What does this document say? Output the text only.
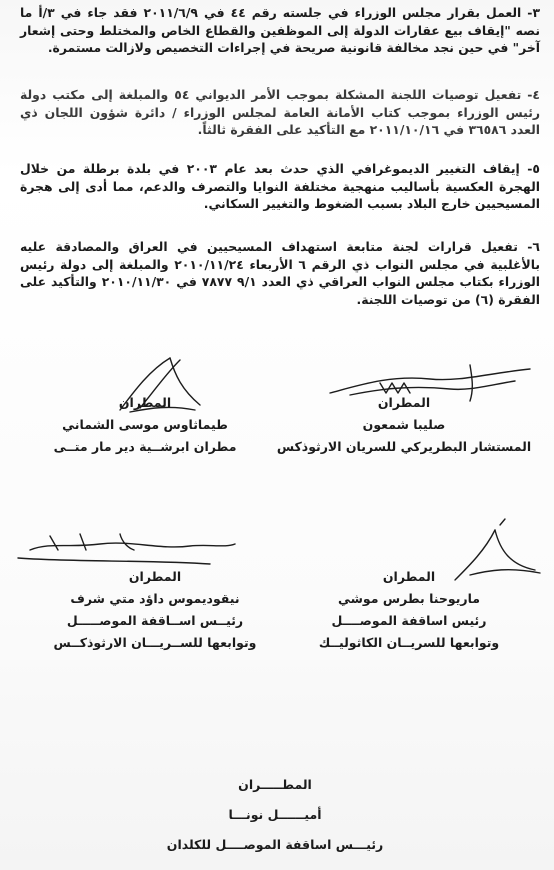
٣- العمل بقرار مجلس الوزراء في جلسته رقم ٤٤ في ٢٠١١/٦/٩ فقد جاء في ٣/أ ما نصه "إيقاف بيع عقارات الدولة إلى الموظفين والقطاع الخاص والمختلط وحتى إشعار آخر" في حين نجد مخالفة قانونية صريحة في إجراءات التخصيص ولازالت مستمرة.
٤- تفعيل توصيات اللجنة المشكلة بموجب الأمر الديواني ٥٤ والمبلغة إلى مكتب دولة رئيس الوزراء بموجب كتاب الأمانة العامة لمجلس الوزراء / دائرة شؤون اللجان ذي العدد ٣٦٥٨٦ في ٢٠١١/١٠/١٦ مع التأكيد على الفقرة ثالثاً.
٥- إيقاف التغيير الديموغرافي الذي حدث بعد عام ٢٠٠٣ في بلدة برطلة من خلال الهجرة العكسية بأساليب منهجية مختلفة النوايا والتصرف والدعم، مما أدى إلى هجرة المسيحيين خارج البلاد بسبب الضغوط والتغيير السكاني.
٦- تفعيل قرارات لجنة متابعة استهداف المسيحيين في العراق والمصادقة عليه بالأغلبية في مجلس النواب ذي الرقم ٦ الأربعاء ٢٠١٠/١١/٢٤ والمبلغة إلى دولة رئيس الوزراء بكتاب مجلس النواب العراقي ذي العدد ٩/١ ٧٨٧٧ في ٢٠١٠/١١/٣٠ والتأكيد على الفقرة (٦) من توصيات اللجنة.
المطران
صليبا شمعون
المستشار البطريركي للسريان الارثوذكس
المطران
طيماثاوس موسى الشماني
مطران ابرشــية دير مار متــى
المطران
ماريوحنا بطرس موشي
رئيس اساقفة الموصــــل
وتوابعها للسريــان الكاثوليــك
المطران
نيقوديموس داؤد متي شرف
رئيــس اســاقفة الموصـــــل
وتوابعها للســريـــان الارثوذكــس
المطـــــران
أميــــــل نونـــا
رئيـــس اساقفة الموصــــل للكلدان
